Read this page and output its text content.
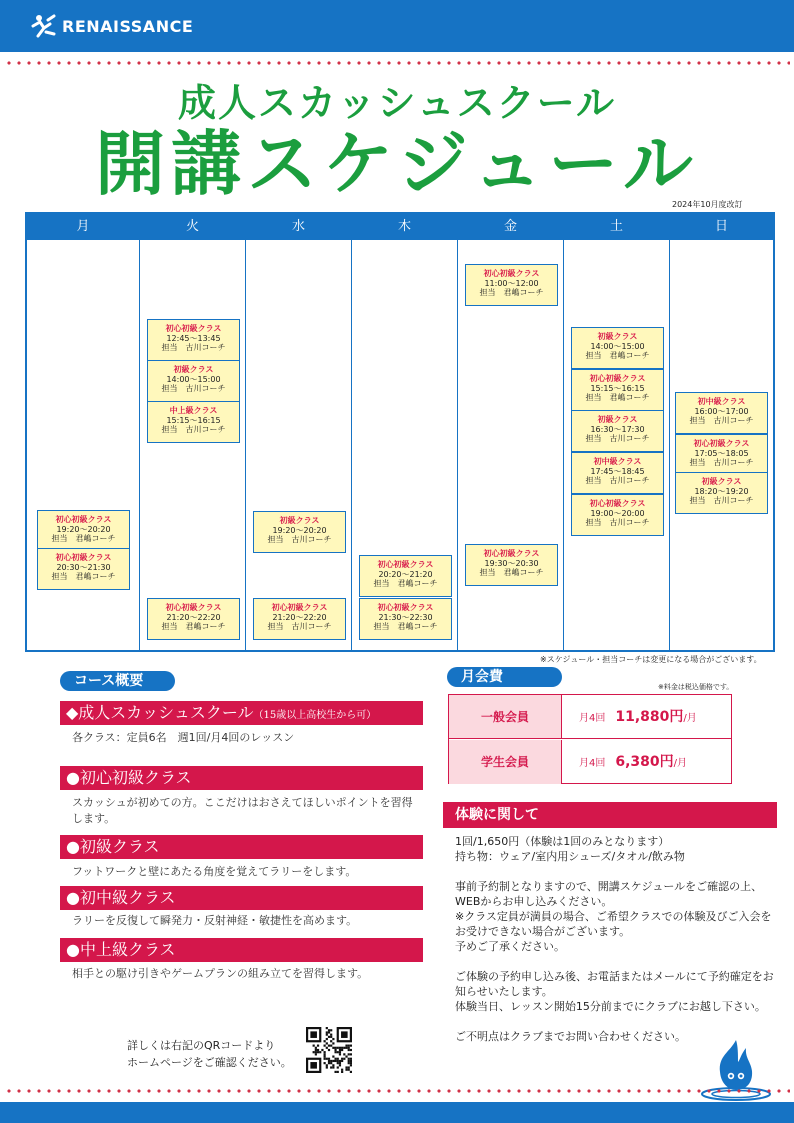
RENAISSANCE
成人スカッシュスクール
開講スケジュール
2024年10月度改訂
月
初心初級クラス
19:20～20:20
担当　君嶋コーチ
初心初級クラス
20:30～21:30
担当　君嶋コーチ
火
初心初級クラス
12:45～13:45
担当　古川コーチ
初級クラス
14:00～15:00
担当　古川コーチ
中上級クラス
15:15～16:15
担当　古川コーチ
初心初級クラス
21:20～22:20
担当　君嶋コーチ
水
初級クラス
19:20～20:20
担当　古川コーチ
初心初級クラス
21:20～22:20
担当　古川コーチ
木
初心初級クラス
20:20～21:20
担当　君嶋コーチ
初心初級クラス
21:30～22:30
担当　君嶋コーチ
金
初心初級クラス
11:00～12:00
担当　君嶋コーチ
初心初級クラス
19:30～20:30
担当　君嶋コーチ
土
初級クラス
14:00～15:00
担当　君嶋コーチ
初心初級クラス
15:15～16:15
担当　君嶋コーチ
初級クラス
16:30～17:30
担当　古川コーチ
初中級クラス
17:45～18:45
担当　古川コーチ
初心初級クラス
19:00～20:00
担当　古川コーチ
日
初中級クラス
16:00～17:00
担当　古川コーチ
初心初級クラス
17:05～18:05
担当　古川コーチ
初級クラス
18:20～19:20
担当　古川コーチ
※スケジュール・担当コーチは変更になる場合がございます。
コース概要
◆成人スカッシュスクール（15歳以上高校生から可）
各クラス：定員6名　週1回/月4回のレッスン
●初心初級クラス
スカッシュが初めての方。ここだけはおさえてほしいポイントを習得します。
●初級クラス
フットワークと壁にあたる角度を覚えてラリーをします。
●初中級クラス
ラリーを反復して瞬発力・反射神経・敏捷性を高めます。
●中上級クラス
相手との駆け引きやゲームプランの組み立てを習得します。
月会費
※料金は税込価格です。
一般会員	月4回 11,880円/月
学生会員	月4回 6,380円/月
体験に関して

1回/1,650円（体験は1回のみとなります）

持ち物：ウェア/室内用シューズ/タオル/飲み物

事前予約制となりますので、開講スケジュールをご確認の上、WEBからお申し込みください。

※クラス定員が満員の場合、ご希望クラスでの体験及びご入会をお受けできない場合がございます。

予めご了承ください。

ご体験の予約申し込み後、お電話またはメールにて予約確定をお知らせいたします。

体験当日、レッスン開始15分前までにクラブにお越し下さい。

ご不明点はクラブまでお問い合わせください。

詳しくは右記のQRコードより
ホームページをご確認ください。
